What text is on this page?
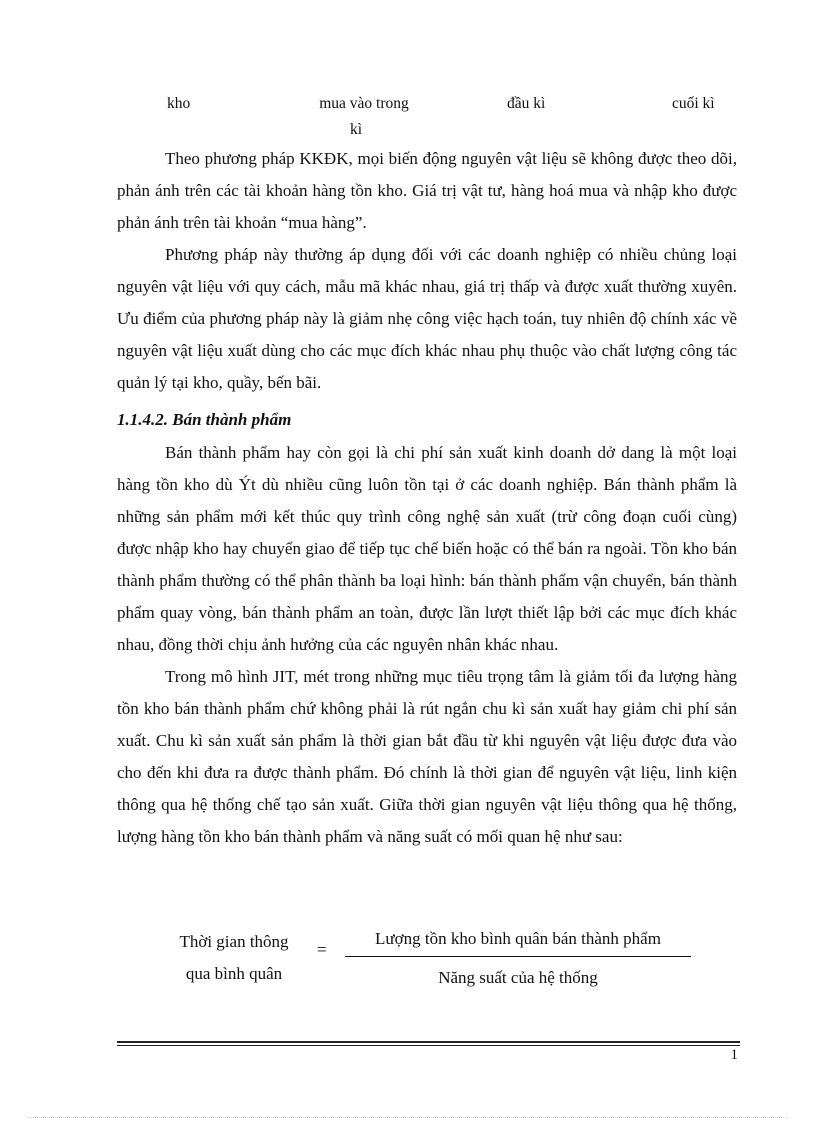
kho	mua vào trong
kì
đầu kì	cuối kì

Theo phương pháp KKĐK, mọi biến động nguyên vật liệu sẽ không được theo dõi, phản ánh trên các tài khoản hàng tồn kho. Giá trị vật tư, hàng hoá mua và nhập kho được phản ánh trên tài khoản “mua hàng”.

Phương pháp này thường áp dụng đối với các doanh nghiệp có nhiều chủng loại nguyên vật liệu với quy cách, mẫu mã khác nhau, giá trị thấp và được xuất thường xuyên. Ưu điểm của phương pháp này là giảm nhẹ công việc hạch toán, tuy nhiên độ chính xác về nguyên vật liệu xuất dùng cho các mục đích khác nhau phụ thuộc vào chất lượng công tác quản lý tại kho, quầy, bến bãi.

1.1.4.2. Bán thành phẩm

Bán thành phẩm hay còn gọi là chi phí sản xuất kinh doanh dở dang là một loại hàng tồn kho dù Ýt dù nhiều cũng luôn tồn tại ở các doanh nghiệp. Bán thành phẩm là những sản phẩm mới kết thúc quy trình công nghệ sản xuất (trừ công đoạn cuối cùng) được nhập kho hay chuyển giao để tiếp tục chế biến hoặc có thể bán ra ngoài. Tồn kho bán thành phẩm thường có thể phân thành ba loại hình: bán thành phẩm vận chuyển, bán thành phẩm quay vòng, bán thành phẩm an toàn, được lần lượt thiết lập bởi các mục đích khác nhau, đồng thời chịu ảnh hưởng của các nguyên nhân khác nhau.

Trong mô hình JIT, mét trong những mục tiêu trọng tâm là giảm tối đa lượng hàng tồn kho bán thành phẩm chứ không phải là rút ngắn chu kì sản xuất hay giảm chi phí sản xuất. Chu kì sản xuất sản phẩm là thời gian bắt đầu từ khi nguyên vật liệu được đưa vào cho đến khi đưa ra được thành phẩm. Đó chính là thời gian để nguyên vật liệu, linh kiện thông qua hệ thống chế tạo sản xuất. Giữa thời gian nguyên vật liệu thông qua hệ thống, lượng hàng tồn kho bán thành phẩm và năng suất có mối quan hệ như sau:

Thời gian thông
qua bình quân
=
Lượng tồn kho bình quân bán thành phẩm
Năng suất của hệ thống
1
